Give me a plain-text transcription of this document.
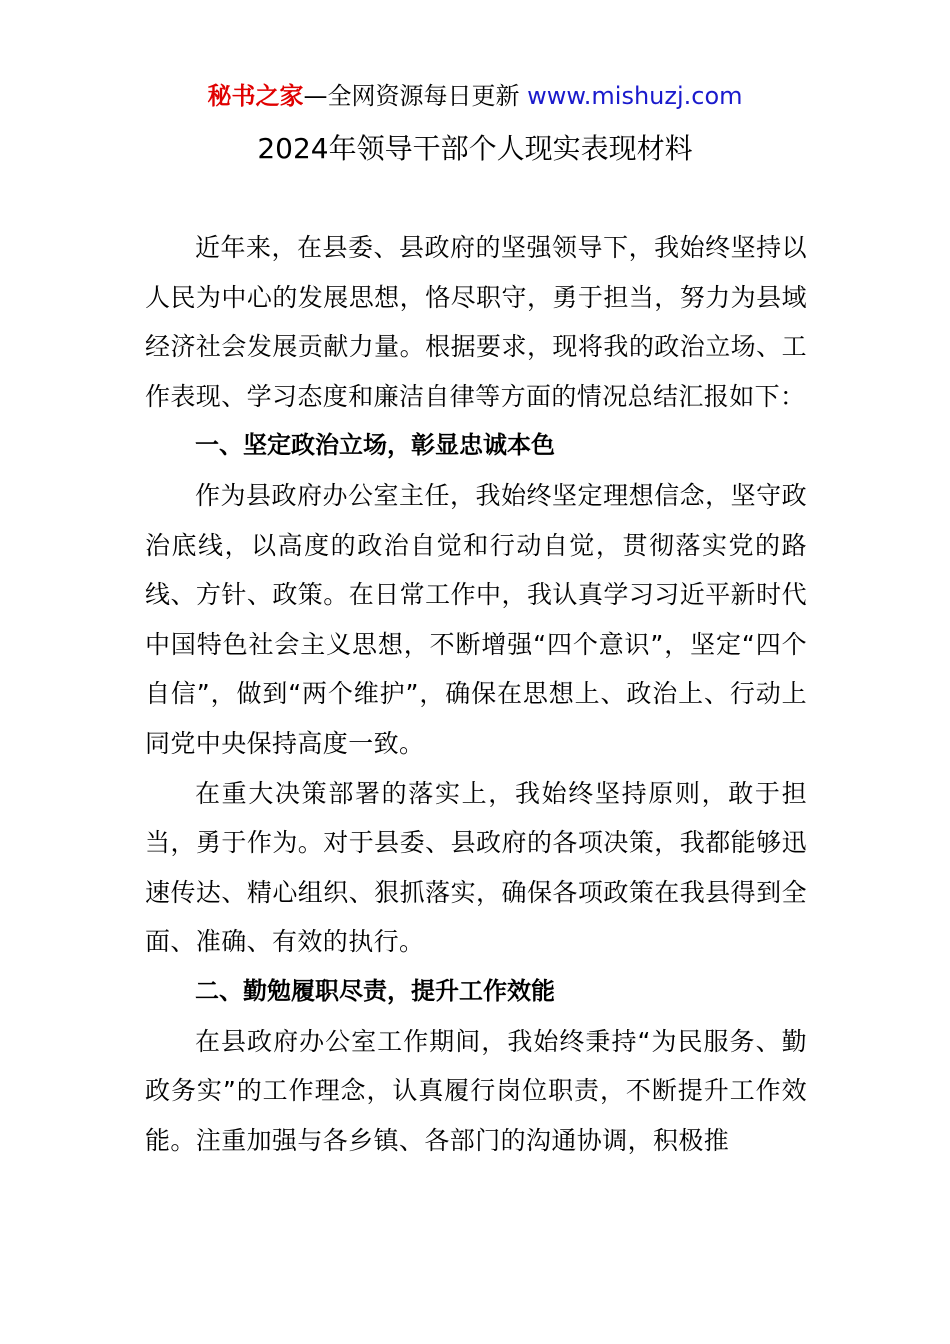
秘书之家—全网资源每日更新 www.mishuzj.com
2024年领导干部个人现实表现材料

近年来，在县委、县政府的坚强领导下，我始终坚持以人民为中心的发展思想，恪尽职守，勇于担当，努力为县域经济社会发展贡献力量。根据要求，现将我的政治立场、工作表现、学习态度和廉洁自律等方面的情况总结汇报如下：

一、坚定政治立场，彰显忠诚本色

作为县政府办公室主任，我始终坚定理想信念，坚守政治底线，以高度的政治自觉和行动自觉，贯彻落实党的路线、方针、政策。在日常工作中，我认真学习习近平新时代中国特色社会主义思想，不断增强“四个意识”，坚定“四个自信”，做到“两个维护”，确保在思想上、政治上、行动上同党中央保持高度一致。

在重大决策部署的落实上，我始终坚持原则，敢于担当，勇于作为。对于县委、县政府的各项决策，我都能够迅速传达、精心组织、狠抓落实，确保各项政策在我县得到全面、准确、有效的执行。

二、勤勉履职尽责，提升工作效能

在县政府办公室工作期间，我始终秉持“为民服务、勤政务实”的工作理念，认真履行岗位职责，不断提升工作效能。注重加强与各乡镇、各部门的沟通协调，积极推
